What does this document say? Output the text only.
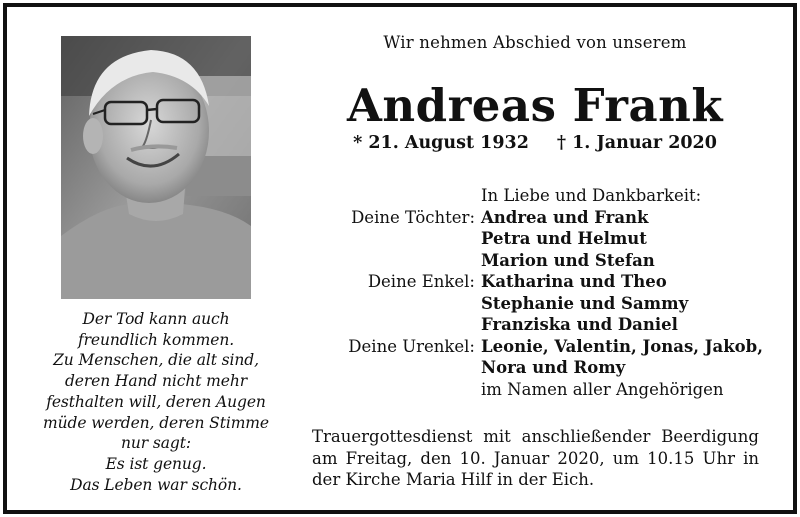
Der Tod kann auch
freundlich kommen.
Zu Menschen, die alt sind,
deren Hand nicht mehr
festhalten will, deren Augen
müde werden, deren Stimme
nur sagt:
Es ist genug.
Das Leben war schön.
Wir nehmen Abschied von unserem
Andreas Frank
* 21. August 1932 † 1. Januar 2020
In Liebe und Dankbarkeit:
Deine Töchter: Andrea und Frank
Petra und Helmut
Marion und Stefan
Deine Enkel: Katharina und Theo
Stephanie und Sammy
Franziska und Daniel
Deine Urenkel: Leonie, Valentin, Jonas, Jakob,
Nora und Romy
im Namen aller Angehörigen
Trauergottesdienst mit anschließender Beerdigung
am Freitag, den 10. Januar 2020, um 10.15 Uhr in
der Kirche Maria Hilf in der Eich.
